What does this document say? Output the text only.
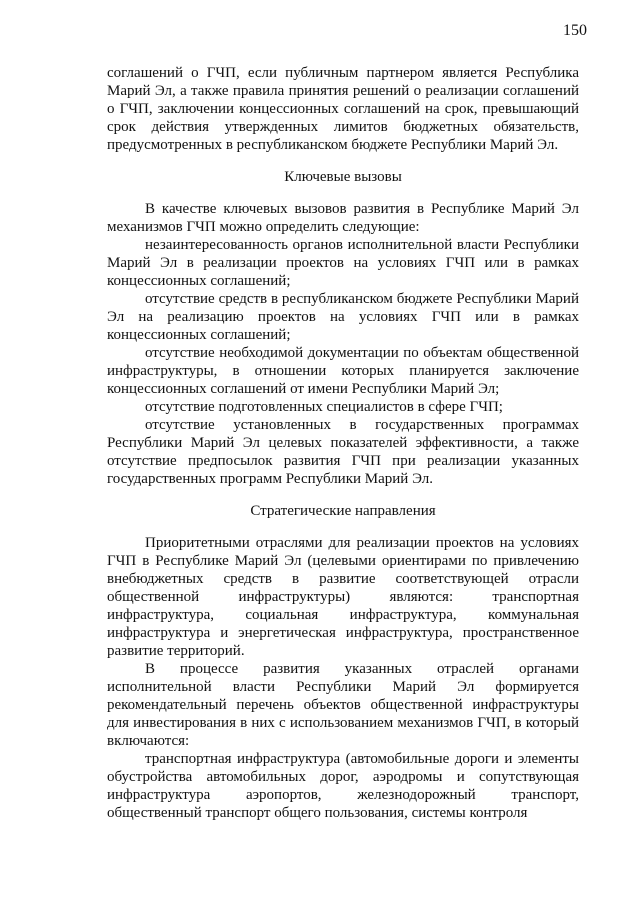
150

соглашений о ГЧП, если публичным партнером является Республика Марий Эл, а также правила принятия решений о реализации соглашений о ГЧП, заключении концессионных соглашений на срок, превышающий срок действия утвержденных лимитов бюджетных обязательств, предусмотренных в республиканском бюджете Республики Марий Эл.

Ключевые вызовы

В качестве ключевых вызовов развития в Республике Марий Эл механизмов ГЧП можно определить следующие:

незаинтересованность органов исполнительной власти Республики Марий Эл в реализации проектов на условиях ГЧП или в рамках концессионных соглашений;

отсутствие средств в республиканском бюджете Республики Марий Эл на реализацию проектов на условиях ГЧП или в рамках концессионных соглашений;

отсутствие необходимой документации по объектам общественной инфраструктуры, в отношении которых планируется заключение концессионных соглашений от имени Республики Марий Эл;

отсутствие подготовленных специалистов в сфере ГЧП;

отсутствие установленных в государственных программах Республики Марий Эл целевых показателей эффективности, а также отсутствие предпосылок развития ГЧП при реализации указанных государственных программ Республики Марий Эл.

Стратегические направления

Приоритетными отраслями для реализации проектов на условиях ГЧП в Республике Марий Эл (целевыми ориентирами по привлечению внебюджетных средств в развитие соответствующей отрасли общественной инфраструктуры) являются: транспортная инфраструктура, социальная инфраструктура, коммунальная инфраструктура и энергетическая инфраструктура, пространственное развитие территорий.

В процессе развития указанных отраслей органами исполнительной власти Республики Марий Эл формируется рекомендательный перечень объектов общественной инфраструктуры для инвестирования в них с использованием механизмов ГЧП, в который включаются:

транспортная инфраструктура (автомобильные дороги и элементы обустройства автомобильных дорог, аэродромы и сопутствующая инфраструктура аэропортов, железнодорожный транспорт, общественный транспорт общего пользования, системы контроля
